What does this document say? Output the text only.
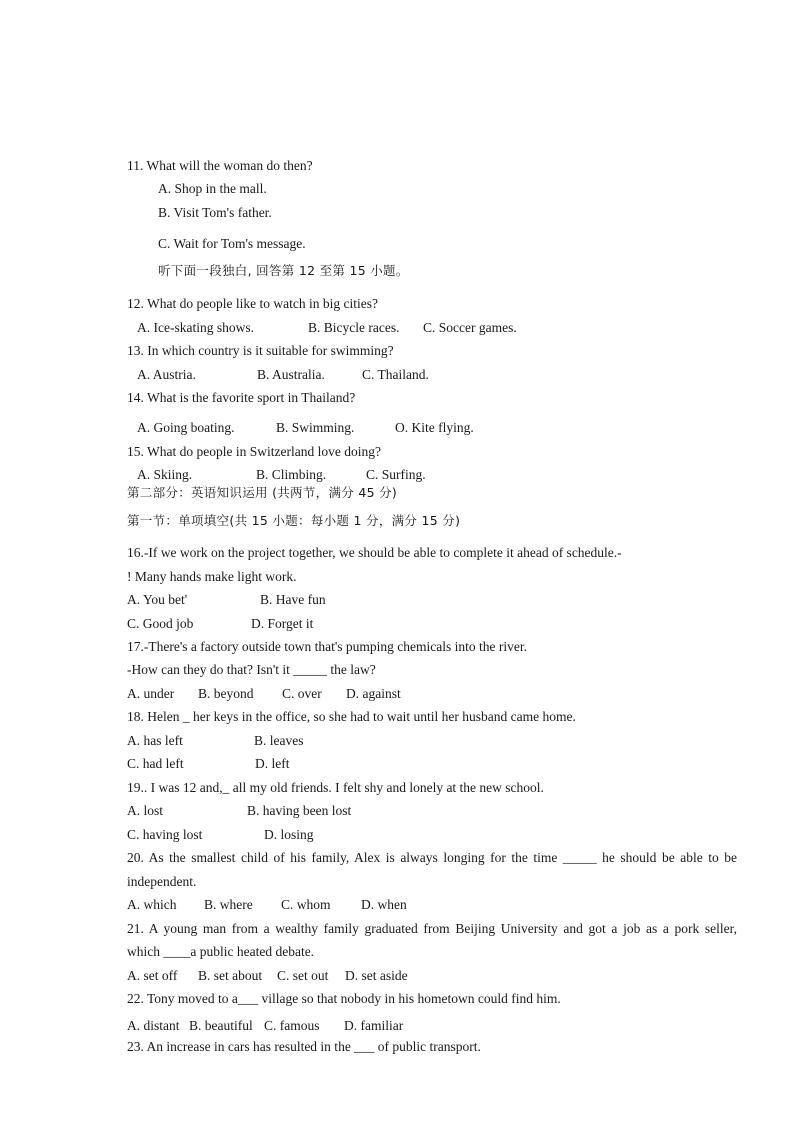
11. What will the woman do then?
A. Shop in the mall.
B. Visit Tom's father.
C. Wait for Tom's message.
听下面一段独白, 回答第 12 至第 15 小题。
12. What do people like to watch in big cities?
A. Ice-skating shows.	B. Bicycle races. C. Soccer games.
13. In which country is it suitable for swimming?
A. Austria.	B. Australia.	C. Thailand.
14. What is the favorite sport in Thailand?
A. Going boating.	B. Swimming.	O. Kite flying.
15. What do people in Switzerland love doing?
A. Skiing.	B. Climbing.	C. Surfing.
第二部分：英语知识运用 (共两节，满分 45 分)
第一节：单项填空(共 15 小题：每小题 1 分，满分 15 分)
16.-If we work on the project together, we should be able to complete it ahead of schedule.-
! Many hands make light work.
A. You bet'	B. Have fun
C. Good job	D. Forget it
17.-There's a factory outside town that's pumping chemicals into the river.
-How can they do that? Isn't it _____ the law?
A. under B. beyond C. over D. against
18. Helen _ her keys in the office, so she had to wait until her husband came home.
A. has left	B. leaves
C. had left	D. left
19.. I was 12 and,_ all my old friends. I felt shy and lonely at the new school.
A. lost	B. having been lost
C. having lost	D. losing
20. As the smallest child of his family, Alex is always longing for the time _____ he should be able to be
independent.
A. which B. where C. whom D. when
21. A young man from a wealthy family graduated from Beijing University and got a job as a pork seller,
which ____a public heated debate.
A. set off B. set about C. set out D. set aside
22. Tony moved to a___ village so that nobody in his hometown could find him.
A. distant B. beautiful C. famous D. familiar
23. An increase in cars has resulted in the ___ of public transport.
